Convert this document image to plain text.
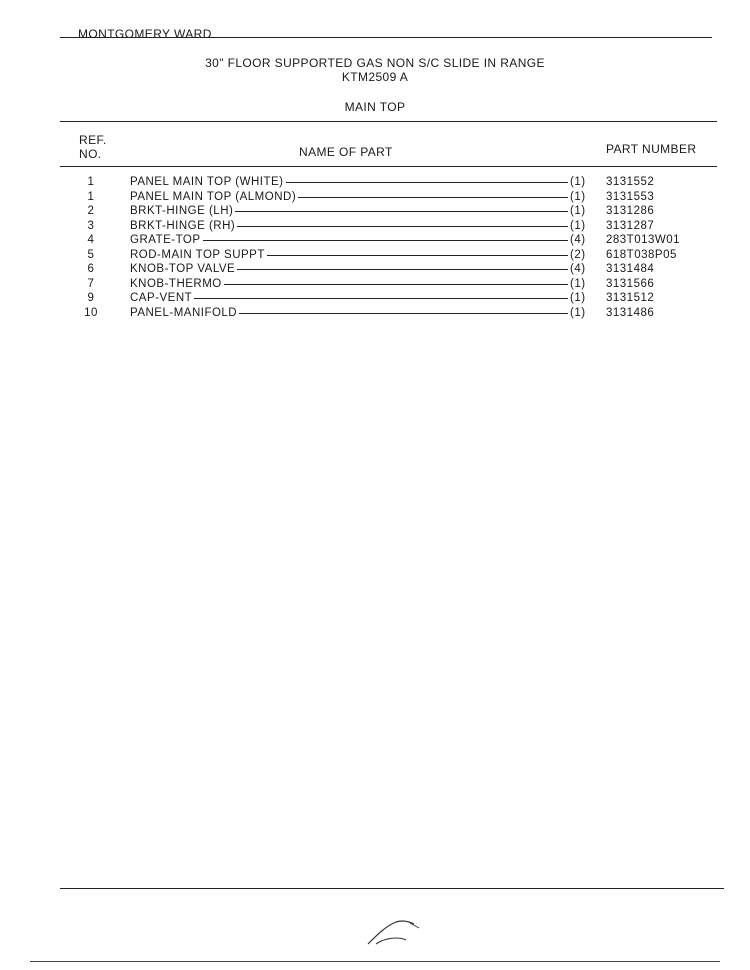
MONTGOMERY WARD
30" FLOOR SUPPORTED GAS NON S/C SLIDE IN RANGE
KTM2509 A
MAIN TOP
REF.
NO.	NAME OF PART	PART NUMBER
1	PANEL MAIN TOP (WHITE)	(1) 3131552
1	PANEL MAIN TOP (ALMOND)	(1) 3131553
2	BRKT-HINGE (LH)	(1) 3131286
3	BRKT-HINGE (RH)	(1) 3131287
4	GRATE-TOP	(4) 283T013W01
5	ROD-MAIN TOP SUPPT	(2) 618T038P05
6	KNOB-TOP VALVE	(4) 3131484
7	KNOB-THERMO	(1) 3131566
9	CAP-VENT	(1) 3131512
10	PANEL-MANIFOLD	(1) 3131486
